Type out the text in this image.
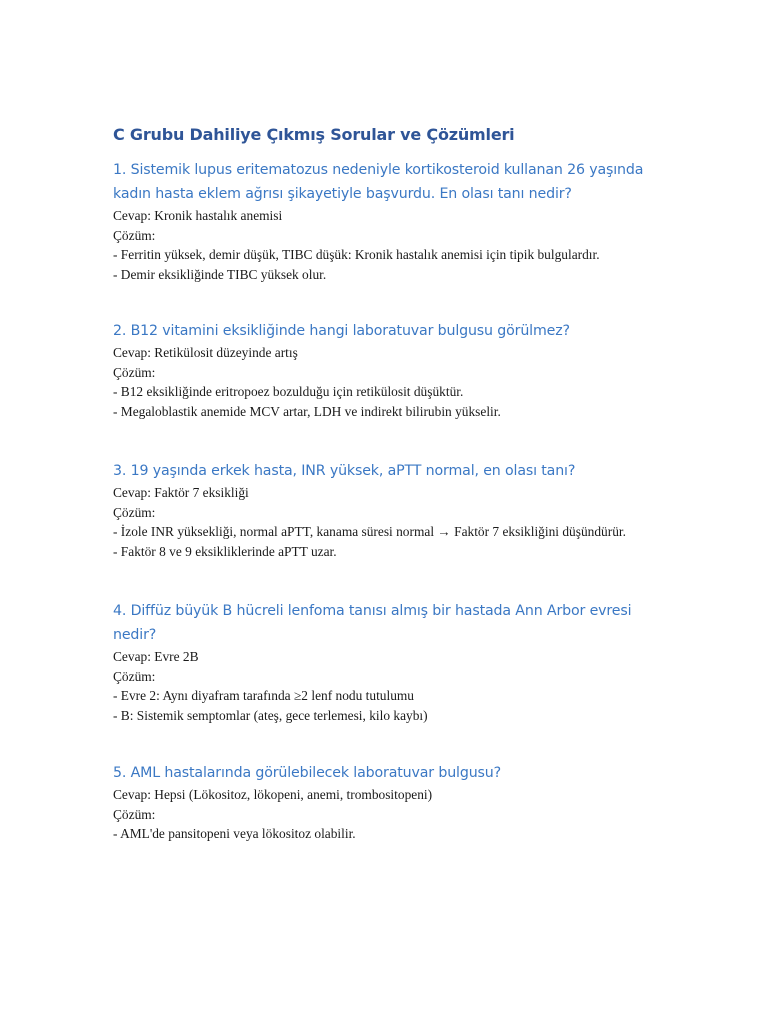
C Grubu Dahiliye Çıkmış Sorular ve Çözümleri

1. Sistemik lupus eritematozus nedeniyle kortikosteroid kullanan 26 yaşında kadın hasta eklem ağrısı şikayetiyle başvurdu. En olası tanı nedir?

Cevap: Kronik hastalık anemisi

Çözüm:

- Ferritin yüksek, demir düşük, TIBC düşük: Kronik hastalık anemisi için tipik bulgulardır.

- Demir eksikliğinde TIBC yüksek olur.

2. B12 vitamini eksikliğinde hangi laboratuvar bulgusu görülmez?

Cevap: Retikülosit düzeyinde artış

Çözüm:

- B12 eksikliğinde eritropoez bozulduğu için retikülosit düşüktür.

- Megaloblastik anemide MCV artar, LDH ve indirekt bilirubin yükselir.

3. 19 yaşında erkek hasta, INR yüksek, aPTT normal, en olası tanı?

Cevap: Faktör 7 eksikliği

Çözüm:

- İzole INR yüksekliği, normal aPTT, kanama süresi normal → Faktör 7 eksikliğini düşündürür.

- Faktör 8 ve 9 eksikliklerinde aPTT uzar.

4. Diffüz büyük B hücreli lenfoma tanısı almış bir hastada Ann Arbor evresi nedir?

Cevap: Evre 2B

Çözüm:

- Evre 2: Aynı diyafram tarafında ≥2 lenf nodu tutulumu

- B: Sistemik semptomlar (ateş, gece terlemesi, kilo kaybı)

5. AML hastalarında görülebilecek laboratuvar bulgusu?

Cevap: Hepsi (Lökositoz, lökopeni, anemi, trombositopeni)

Çözüm:

- AML'de pansitopeni veya lökositoz olabilir.
